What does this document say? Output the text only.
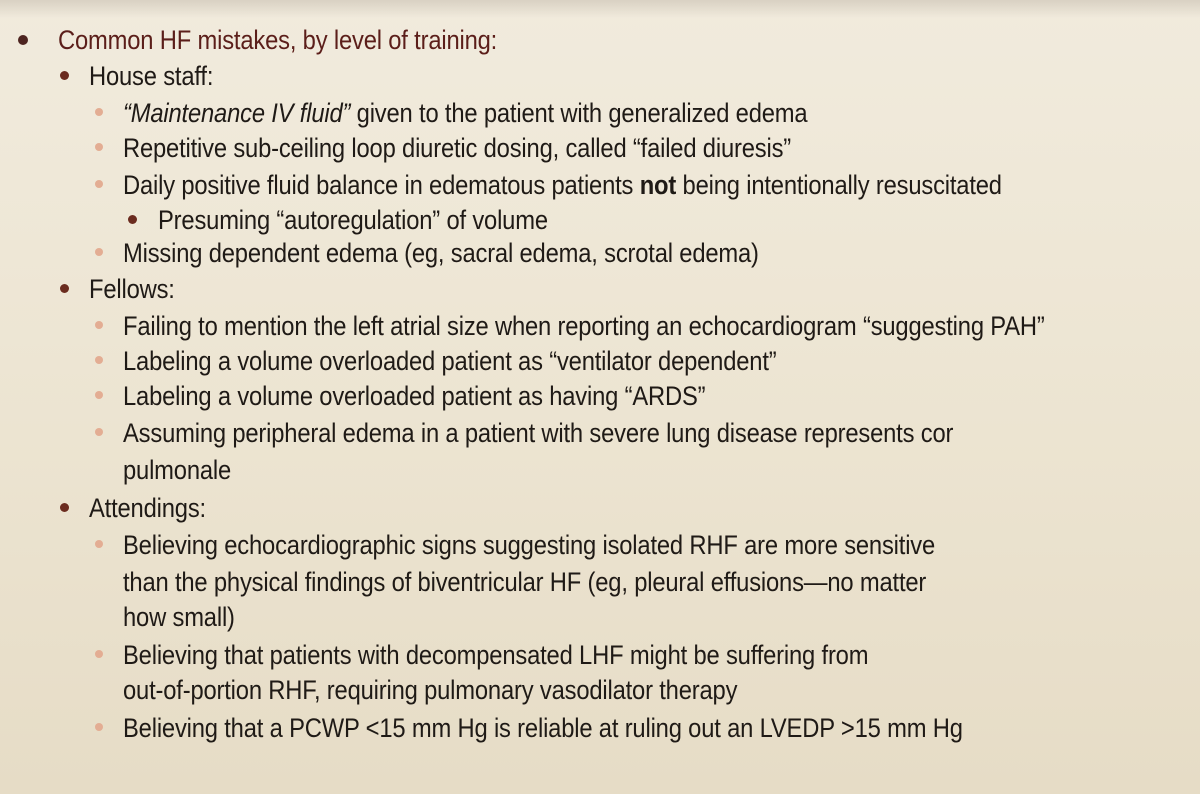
Common HF mistakes, by level of training:
House staff:
“Maintenance IV fluid” given to the patient with generalized edema
Repetitive sub-ceiling loop diuretic dosing, called “failed diuresis”
Daily positive fluid balance in edematous patients not being intentionally resuscitated
Presuming “autoregulation” of volume
Missing dependent edema (eg, sacral edema, scrotal edema)
Fellows:
Failing to mention the left atrial size when reporting an echocardiogram “suggesting PAH”
Labeling a volume overloaded patient as “ventilator dependent”
Labeling a volume overloaded patient as having “ARDS”
Assuming peripheral edema in a patient with severe lung disease represents cor
pulmonale
Attendings:
Believing echocardiographic signs suggesting isolated RHF are more sensitive
than the physical findings of biventricular HF (eg, pleural effusions—no matter
how small)
Believing that patients with decompensated LHF might be suffering from
out-of-portion RHF, requiring pulmonary vasodilator therapy
Believing that a PCWP <15 mm Hg is reliable at ruling out an LVEDP >15 mm Hg
